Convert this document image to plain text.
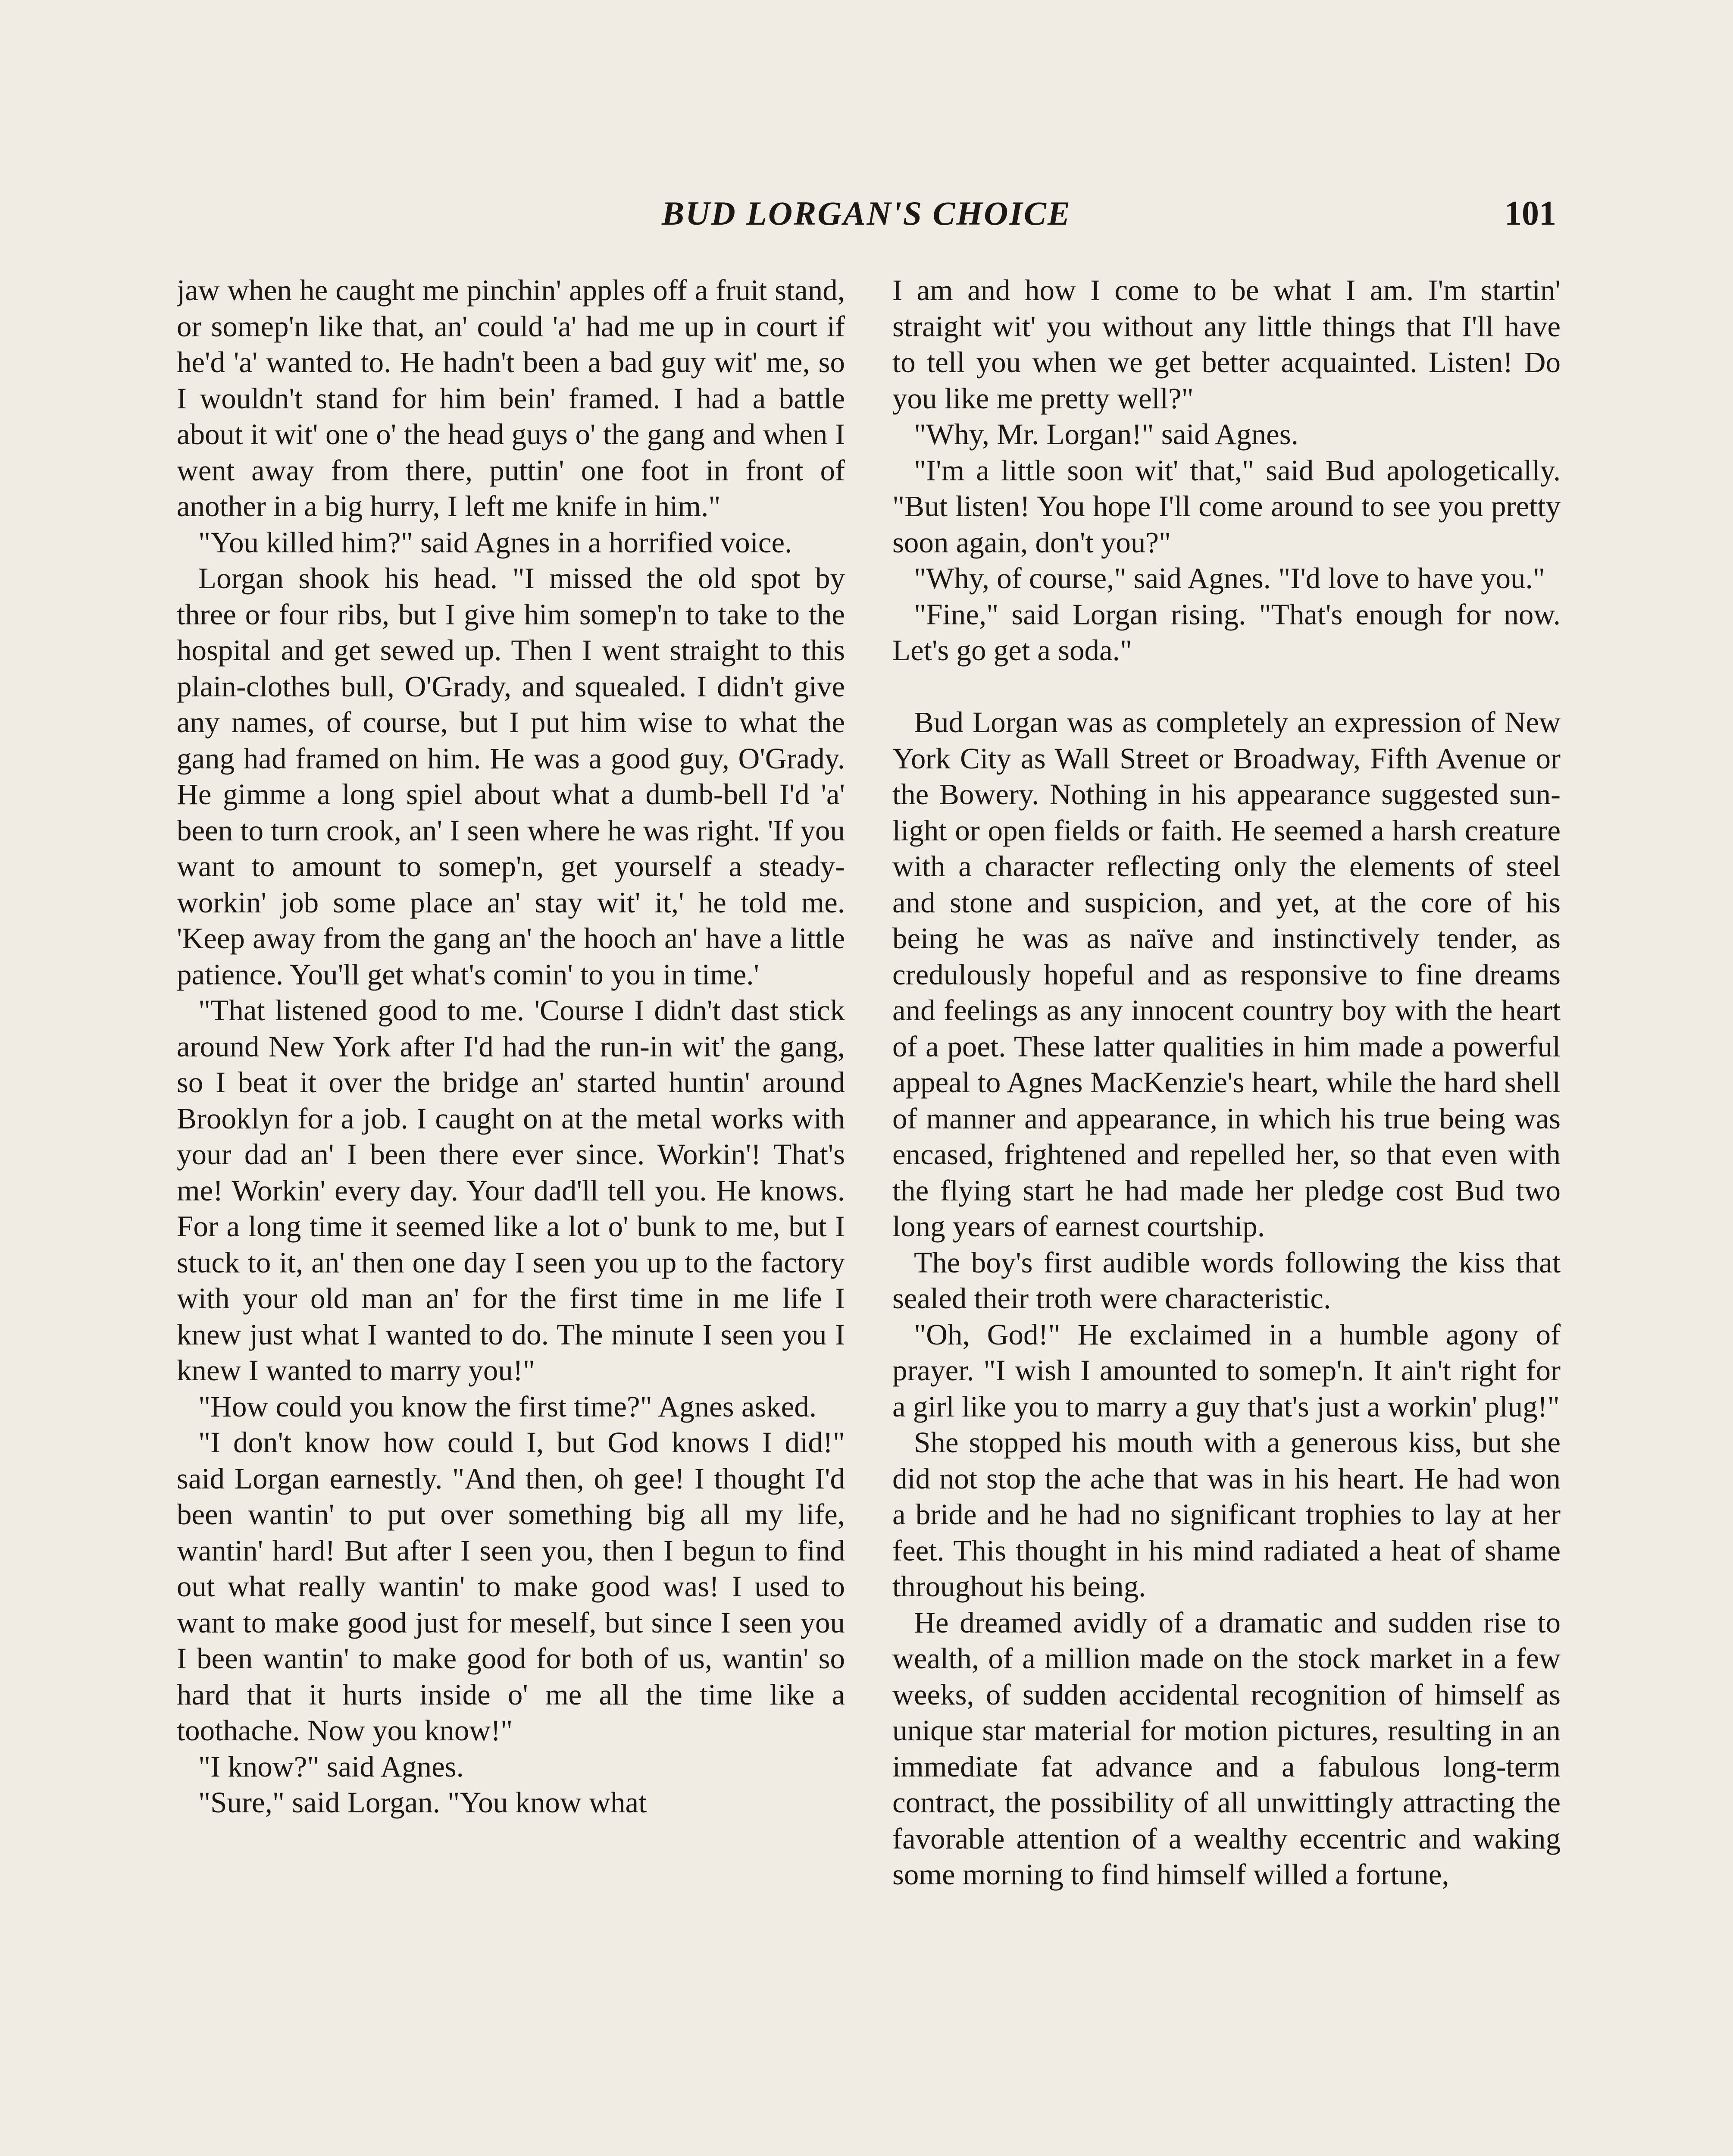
BUD LORGAN'S CHOICE	101

jaw when he caught me pinchin' apples off a fruit stand, or somep'n like that, an' could 'a' had me up in court if he'd 'a' wanted to. He hadn't been a bad guy wit' me, so I wouldn't stand for him bein' framed. I had a battle about it wit' one o' the head guys o' the gang and when I went away from there, puttin' one foot in front of another in a big hurry, I left me knife in him."

"You killed him?" said Agnes in a horrified voice.

Lorgan shook his head. "I missed the old spot by three or four ribs, but I give him somep'n to take to the hospital and get sewed up. Then I went straight to this plain-clothes bull, O'Grady, and squealed. I didn't give any names, of course, but I put him wise to what the gang had framed on him. He was a good guy, O'Grady. He gimme a long spiel about what a dumb-bell I'd 'a' been to turn crook, an' I seen where he was right. 'If you want to amount to somep'n, get yourself a steady-workin' job some place an' stay wit' it,' he told me. 'Keep away from the gang an' the hooch an' have a little patience. You'll get what's comin' to you in time.'

"That listened good to me. 'Course I didn't dast stick around New York after I'd had the run-in wit' the gang, so I beat it over the bridge an' started huntin' around Brooklyn for a job. I caught on at the metal works with your dad an' I been there ever since. Workin'! That's me! Workin' every day. Your dad'll tell you. He knows. For a long time it seemed like a lot o' bunk to me, but I stuck to it, an' then one day I seen you up to the factory with your old man an' for the first time in me life I knew just what I wanted to do. The minute I seen you I knew I wanted to marry you!"

"How could you know the first time?" Agnes asked.

"I don't know how could I, but God knows I did!" said Lorgan earnestly. "And then, oh gee! I thought I'd been wantin' to put over something big all my life, wantin' hard! But after I seen you, then I begun to find out what really wantin' to make good was! I used to want to make good just for meself, but since I seen you I been wantin' to make good for both of us, wantin' so hard that it hurts inside o' me all the time like a toothache. Now you know!"

"I know?" said Agnes.

"Sure," said Lorgan. "You know what

I am and how I come to be what I am. I'm startin' straight wit' you without any little things that I'll have to tell you when we get better acquainted. Listen! Do you like me pretty well?"

"Why, Mr. Lorgan!" said Agnes.

"I'm a little soon wit' that," said Bud apologetically. "But listen! You hope I'll come around to see you pretty soon again, don't you?"

"Why, of course," said Agnes. "I'd love to have you."

"Fine," said Lorgan rising. "That's enough for now. Let's go get a soda."

Bud Lorgan was as completely an expression of New York City as Wall Street or Broadway, Fifth Avenue or the Bowery. Nothing in his appearance suggested sunlight or open fields or faith. He seemed a harsh creature with a character reflecting only the elements of steel and stone and suspicion, and yet, at the core of his being he was as naïve and instinctively tender, as credulously hopeful and as responsive to fine dreams and feelings as any innocent country boy with the heart of a poet. These latter qualities in him made a powerful appeal to Agnes MacKenzie's heart, while the hard shell of manner and appearance, in which his true being was encased, frightened and repelled her, so that even with the flying start he had made her pledge cost Bud two long years of earnest courtship.

The boy's first audible words following the kiss that sealed their troth were characteristic.

"Oh, God!" He exclaimed in a humble agony of prayer. "I wish I amounted to somep'n. It ain't right for a girl like you to marry a guy that's just a workin' plug!"

She stopped his mouth with a generous kiss, but she did not stop the ache that was in his heart. He had won a bride and he had no significant trophies to lay at her feet. This thought in his mind radiated a heat of shame throughout his being.

He dreamed avidly of a dramatic and sudden rise to wealth, of a million made on the stock market in a few weeks, of sudden accidental recognition of himself as unique star material for motion pictures, resulting in an immediate fat advance and a fabulous long-term contract, the possibility of all unwittingly attracting the favorable attention of a wealthy eccentric and waking some morning to find himself willed a fortune,
